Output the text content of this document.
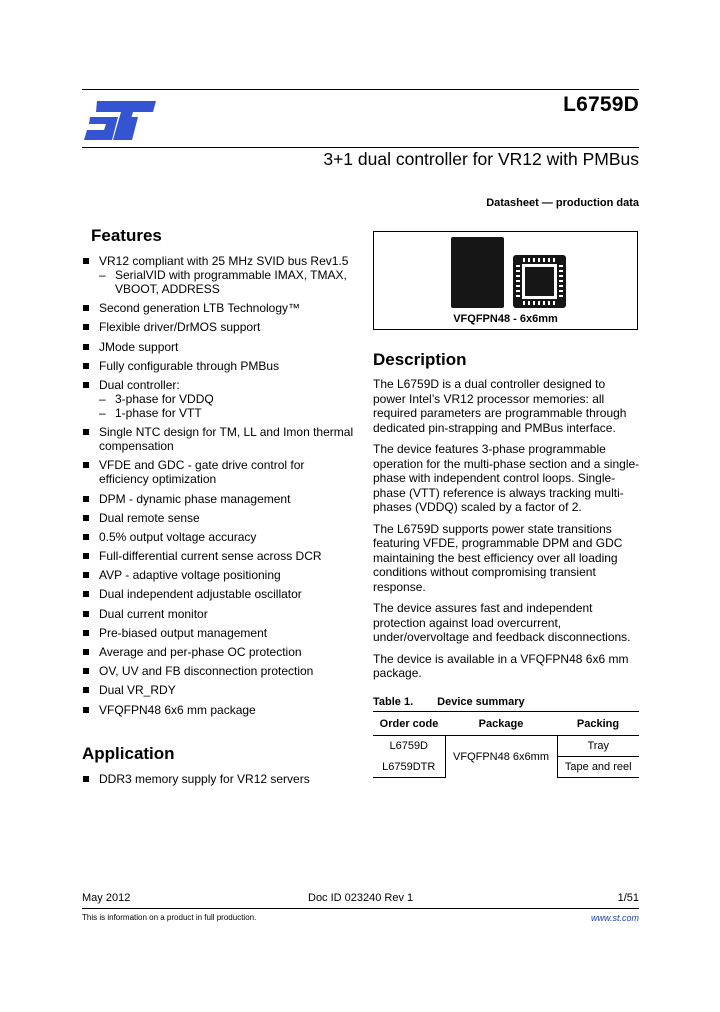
L6759D
3+1 dual controller for VR12 with PMBus
Datasheet — production data
Features
VR12 compliant with 25 MHz SVID bus Rev1.5
– SerialVID with programmable IMAX, TMAX, VBOOT, ADDRESS
Second generation LTB Technology™
Flexible driver/DrMOS support
JMode support
Fully configurable through PMBus
Dual controller:
– 3-phase for VDDQ
– 1-phase for VTT
Single NTC design for TM, LL and Imon thermal compensation
VFDE and GDC - gate drive control for efficiency optimization
DPM - dynamic phase management
Dual remote sense
0.5% output voltage accuracy
Full-differential current sense across DCR
AVP - adaptive voltage positioning
Dual independent adjustable oscillator
Dual current monitor
Pre-biased output management
Average and per-phase OC protection
OV, UV and FB disconnection protection
Dual VR_RDY
VFQFPN48 6x6 mm package
Application
DDR3 memory supply for VR12 servers
VFQFPN48 - 6x6mm
Description

The L6759D is a dual controller designed to power Intel’s VR12 processor memories: all required parameters are programmable through dedicated pin-strapping and PMBus interface.

The device features 3-phase programmable operation for the multi-phase section and a single-phase with independent control loops. Single-phase (VTT) reference is always tracking multi-phases (VDDQ) scaled by a factor of 2.

The L6759D supports power state transitions featuring VFDE, programmable DPM and GDC maintaining the best efficiency over all loading conditions without compromising transient response.

The device assures fast and independent protection against load overcurrent, under/overvoltage and feedback disconnections.

The device is available in a VFQFPN48 6x6 mm package.

Table 1. Device summary
Order code	Package	Packing
L6759D	VFQFPN48 6x6mm	Tray
L6759DTR		Tape and reel
May 2012	Doc ID 023240 Rev 1	1/51
This is information on a product in full production.	www.st.com
